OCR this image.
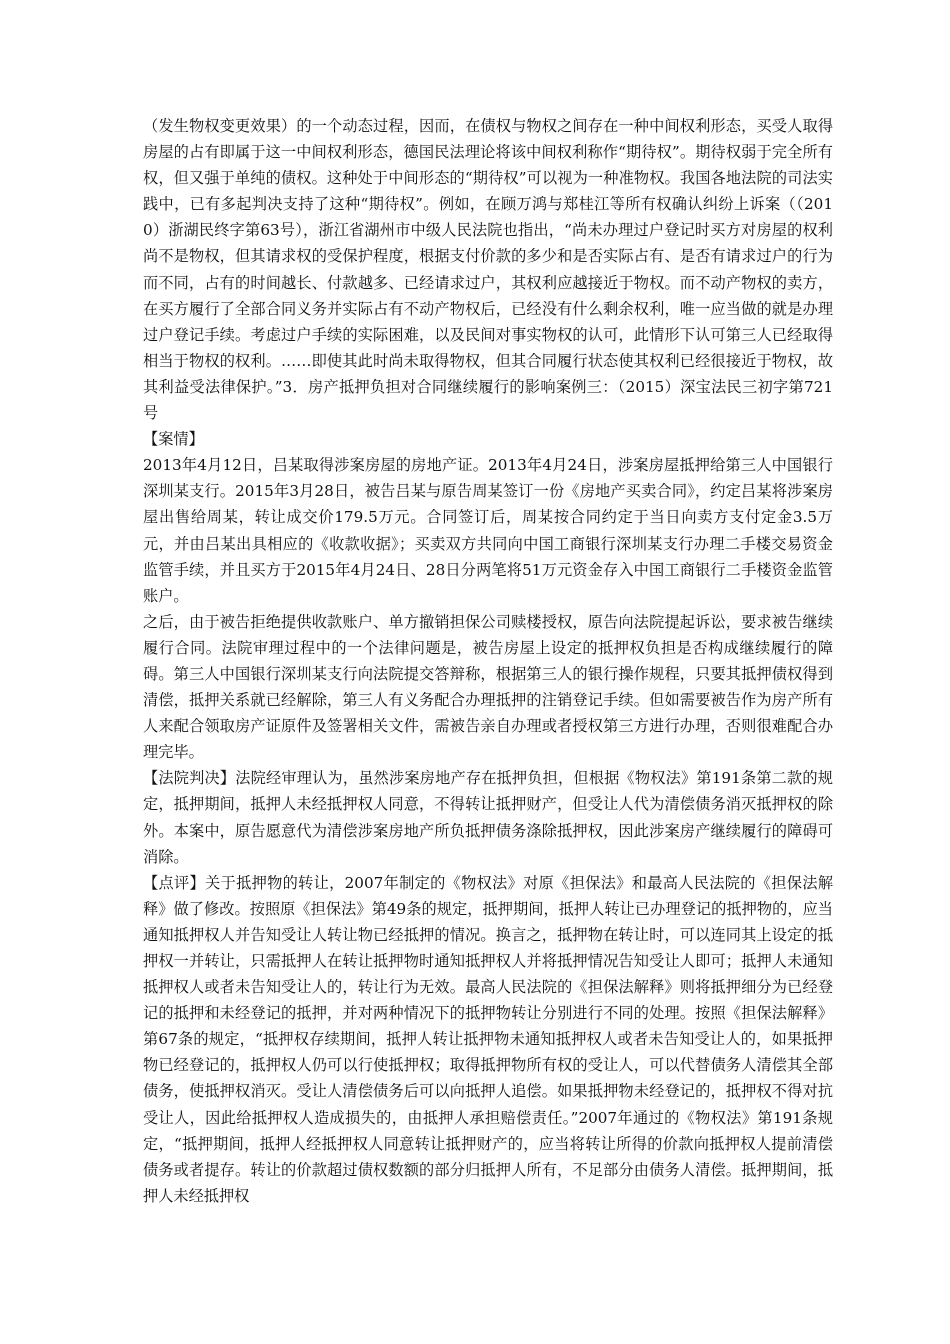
（发生物权变更效果）的一个动态过程，因而，在债权与物权之间存在一种中间权利形态，买受人取得房屋的占有即属于这一中间权利形态，德国民法理论将该中间权利称作“期待权”。期待权弱于完全所有权，但又强于单纯的债权。这种处于中间形态的“期待权”可以视为一种准物权。我国各地法院的司法实践中，已有多起判决支持了这种“期待权”。例如，在顾万鸿与郑桂江等所有权确认纠纷上诉案（（2010）浙湖民终字第63号），浙江省湖州市中级人民法院也指出，“尚未办理过户登记时买方对房屋的权利尚不是物权，但其请求权的受保护程度，根据支付价款的多少和是否实际占有、是否有请求过户的行为而不同，占有的时间越长、付款越多、已经请求过户，其权利应越接近于物权。而不动产物权的卖方，在买方履行了全部合同义务并实际占有不动产物权后，已经没有什么剩余权利，唯一应当做的就是办理过户登记手续。考虑过户手续的实际困难，以及民间对事实物权的认可，此情形下认可第三人已经取得相当于物权的权利。……即使其此时尚未取得物权，但其合同履行状态使其权利已经很接近于物权，故其利益受法律保护。”3．房产抵押负担对合同继续履行的影响案例三：（2015）深宝法民三初字第721号

【案情】

2013年4月12日，吕某取得涉案房屋的房地产证。2013年4月24日，涉案房屋抵押给第三人中国银行深圳某支行。2015年3月28日，被告吕某与原告周某签订一份《房地产买卖合同》，约定吕某将涉案房屋出售给周某，转让成交价179.5万元。合同签订后，周某按合同约定于当日向卖方支付定金3.5万元，并由吕某出具相应的《收款收据》；买卖双方共同向中国工商银行深圳某支行办理二手楼交易资金监管手续，并且买方于2015年4月24日、28日分两笔将51万元资金存入中国工商银行二手楼资金监管账户。

之后，由于被告拒绝提供收款账户、单方撤销担保公司赎楼授权，原告向法院提起诉讼，要求被告继续履行合同。法院审理过程中的一个法律问题是，被告房屋上设定的抵押权负担是否构成继续履行的障碍。第三人中国银行深圳某支行向法院提交答辩称，根据第三人的银行操作规程，只要其抵押债权得到清偿，抵押关系就已经解除，第三人有义务配合办理抵押的注销登记手续。但如需要被告作为房产所有人来配合领取房产证原件及签署相关文件，需被告亲自办理或者授权第三方进行办理，否则很难配合办理完毕。

【法院判决】法院经审理认为，虽然涉案房地产存在抵押负担，但根据《物权法》第191条第二款的规定，抵押期间，抵押人未经抵押权人同意，不得转让抵押财产，但受让人代为清偿债务消灭抵押权的除外。本案中，原告愿意代为清偿涉案房地产所负抵押债务涤除抵押权，因此涉案房产继续履行的障碍可消除。

【点评】关于抵押物的转让，2007年制定的《物权法》对原《担保法》和最高人民法院的《担保法解释》做了修改。按照原《担保法》第49条的规定，抵押期间，抵押人转让已办理登记的抵押物的，应当通知抵押权人并告知受让人转让物已经抵押的情况。换言之，抵押物在转让时，可以连同其上设定的抵押权一并转让，只需抵押人在转让抵押物时通知抵押权人并将抵押情况告知受让人即可；抵押人未通知抵押权人或者未告知受让人的，转让行为无效。最高人民法院的《担保法解释》则将抵押细分为已经登记的抵押和未经登记的抵押，并对两种情况下的抵押物转让分别进行不同的处理。按照《担保法解释》第67条的规定，“抵押权存续期间，抵押人转让抵押物未通知抵押权人或者未告知受让人的，如果抵押物已经登记的，抵押权人仍可以行使抵押权；取得抵押物所有权的受让人，可以代替债务人清偿其全部债务，使抵押权消灭。受让人清偿债务后可以向抵押人追偿。如果抵押物未经登记的，抵押权不得对抗受让人，因此给抵押权人造成损失的，由抵押人承担赔偿责任。”2007年通过的《物权法》第191条规定，“抵押期间，抵押人经抵押权人同意转让抵押财产的，应当将转让所得的价款向抵押权人提前清偿债务或者提存。转让的价款超过债权数额的部分归抵押人所有，不足部分由债务人清偿。抵押期间，抵押人未经抵押权
